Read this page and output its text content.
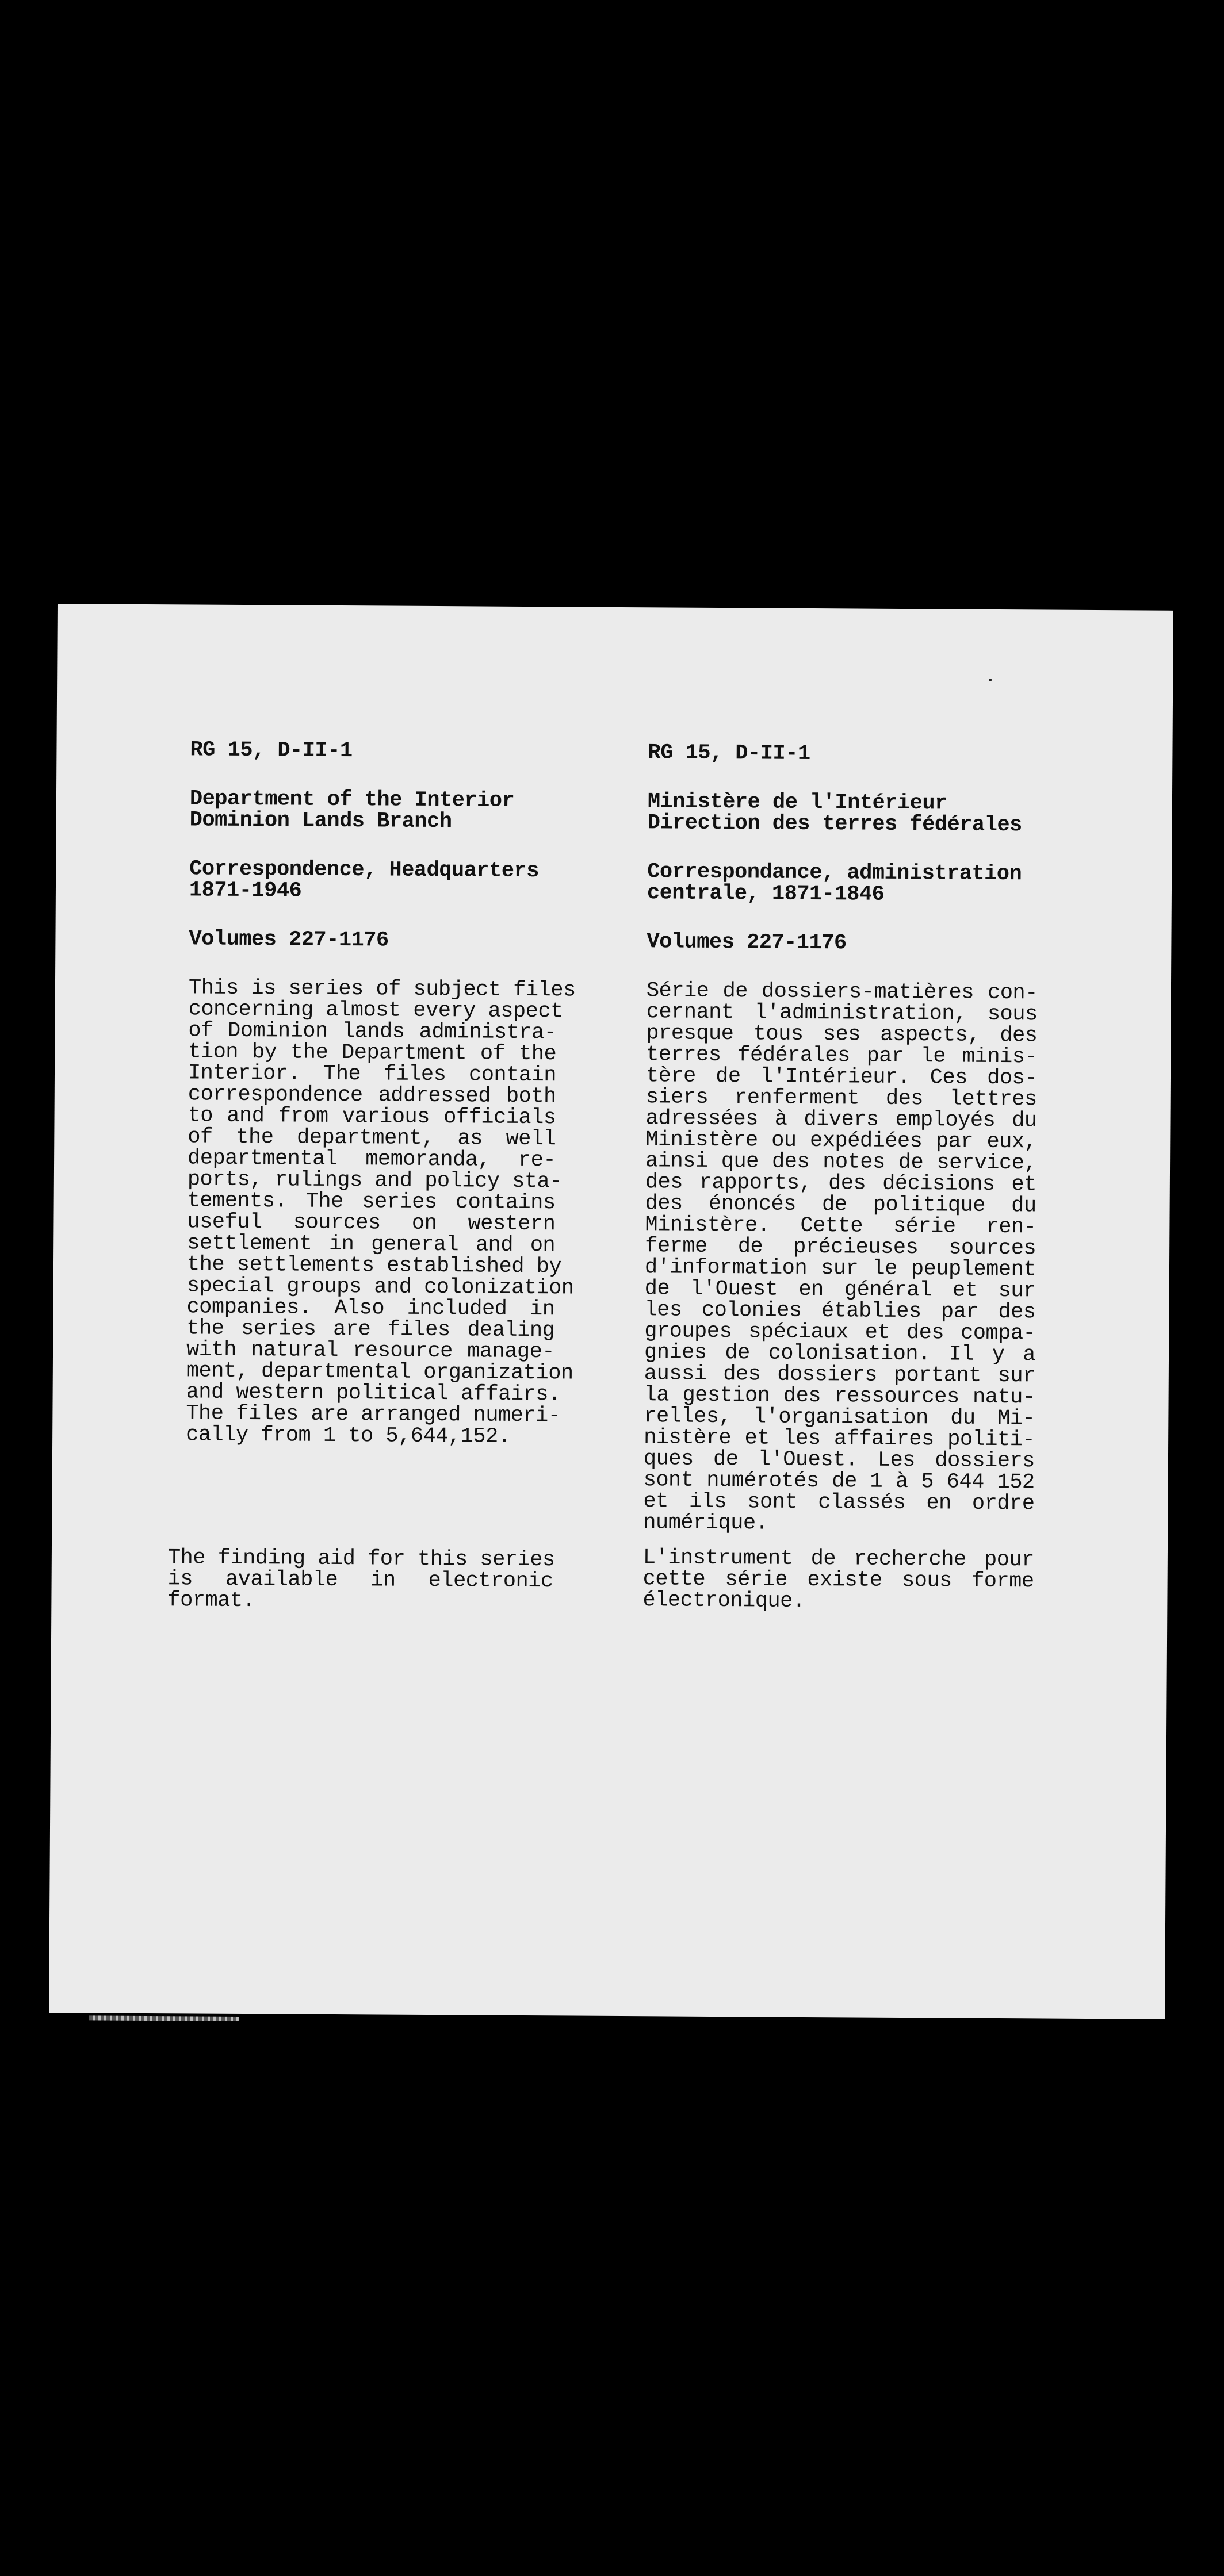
RG 15, D-II-1

Department of the Interior
Dominion Lands Branch

Correspondence, Headquarters
1871-1946

Volumes 227-1176

This is series of subject files
concerning almost every aspect
of Dominion lands administra-
tion by the Department of the
Interior. The files contain
correspondence addressed both
to and from various officials
of the department, as well
departmental memoranda, re-
ports, rulings and policy sta-
tements. The series contains
useful sources on western
settlement in general and on
the settlements established by
special groups and colonization
companies. Also included in
the series are files dealing
with natural resource manage-
ment, departmental organization
and western political affairs.
The files are arranged numeri-
cally from 1 to 5,644,152.
The finding aid for this series
is available in electronic
format.

RG 15, D-II-1

Ministère de l'Intérieur
Direction des terres fédérales

Correspondance, administration
centrale, 1871-1846

Volumes 227-1176

Série de dossiers-matières con-
cernant l'administration, sous
presque tous ses aspects, des
terres fédérales par le minis-
tère de l'Intérieur. Ces dos-
siers renferment des lettres
adressées à divers employés du
Ministère ou expédiées par eux,
ainsi que des notes de service,
des rapports, des décisions et
des énoncés de politique du
Ministère. Cette série ren-
ferme de précieuses sources
d'information sur le peuplement
de l'Ouest en général et sur
les colonies établies par des
groupes spéciaux et des compa-
gnies de colonisation. Il y a
aussi des dossiers portant sur
la gestion des ressources natu-
relles, l'organisation du Mi-
nistère et les affaires politi-
ques de l'Ouest. Les dossiers
sont numérotés de 1 à 5 644 152
et ils sont classés en ordre
numérique.
L'instrument de recherche pour
cette série existe sous forme
électronique.
